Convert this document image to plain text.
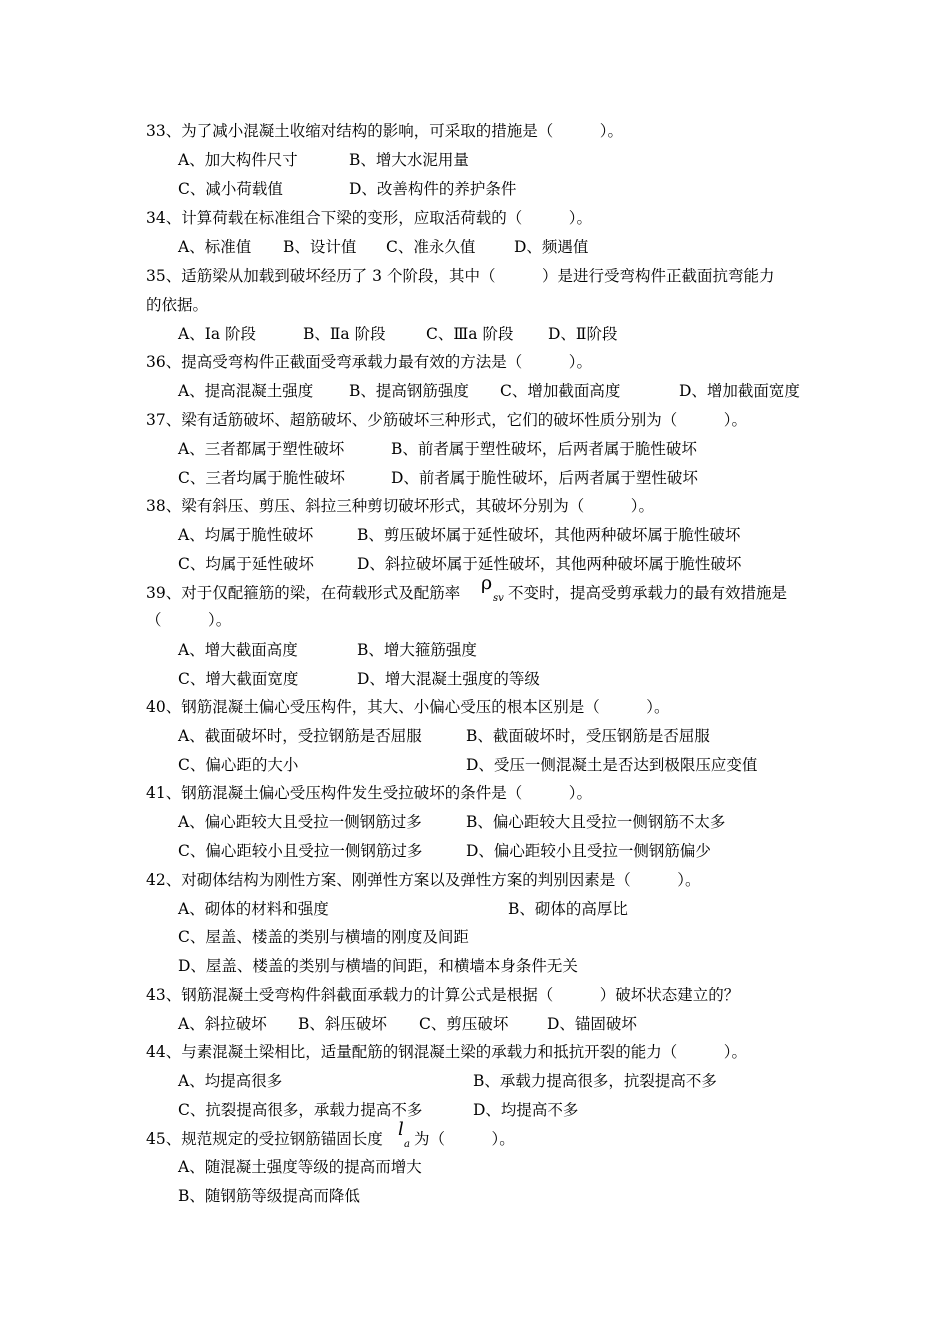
33、为了减小混凝土收缩对结构的影响，可采取的措施是（　　　）。

A、加大构件尺寸

	B、增大水泥用量

C、减小荷载值

	D、改善构件的养护条件

34、计算荷载在标准组合下梁的变形，应取活荷载的（　　　）。

A、标准值

B、设计值

C、准永久值

D、频遇值

35、适筋梁从加载到破坏经历了 3 个阶段，其中（　　　）是进行受弯构件正截面抗弯能力

的依据。

A、Ⅰa 阶段

	B、Ⅱa 阶段

	C、Ⅲa 阶段

D、Ⅱ阶段

36、提高受弯构件正截面受弯承载力最有效的方法是（　　　）。

A、提高混凝土强度

B、提高钢筋强度

C、增加截面高度

	D、增加截面宽度

37、梁有适筋破坏、超筋破坏、少筋破坏三种形式，它们的破坏性质分别为（　　　）。

A、三者都属于塑性破坏

	B、前者属于塑性破坏，后两者属于脆性破坏

C、三者均属于脆性破坏

	D、前者属于脆性破坏，后两者属于塑性破坏

38、梁有斜压、剪压、斜拉三种剪切破坏形式，其破坏分别为（　　　）。

A、均属于脆性破坏

	B、剪压破坏属于延性破坏，其他两种破坏属于脆性破坏

C、均属于延性破坏

	D、斜拉破坏属于延性破坏，其他两种破坏属于脆性破坏

39、对于仅配箍筋的梁，在荷载形式及配筋率

ρ

sv

不变时，提高受剪承载力的最有效措施是

（　　　）。

A、增大截面高度

	B、增大箍筋强度

C、增大截面宽度

	D、增大混凝土强度的等级

40、钢筋混凝土偏心受压构件，其大、小偏心受压的根本区别是（　　　）。

A、截面破坏时，受拉钢筋是否屈服

	B、截面破坏时，受压钢筋是否屈服

C、偏心距的大小

	D、受压一侧混凝土是否达到极限压应变值

41、钢筋混凝土偏心受压构件发生受拉破坏的条件是（　　　）。

A、偏心距较大且受拉一侧钢筋过多

	B、偏心距较大且受拉一侧钢筋不太多

C、偏心距较小且受拉一侧钢筋过多

	D、偏心距较小且受拉一侧钢筋偏少

42、对砌体结构为刚性方案、刚弹性方案以及弹性方案的判别因素是（　　　）。

A、砌体的材料和强度

	B、砌体的高厚比

C、屋盖、楼盖的类别与横墙的刚度及间距

D、屋盖、楼盖的类别与横墙的间距，和横墙本身条件无关

43、钢筋混凝土受弯构件斜截面承载力的计算公式是根据（　　　）破坏状态建立的？

A、斜拉破坏

B、斜压破坏

C、剪压破坏

D、锚固破坏

44、与素混凝土梁相比，适量配筋的钢混凝土梁的承载力和抵抗开裂的能力（　　　）。

A、均提高很多

	B、承载力提高很多，抗裂提高不多

C、抗裂提高很多，承载力提高不多

	D、均提高不多

45、规范规定的受拉钢筋锚固长度

l

a

为（　　　）。

A、随混凝土强度等级的提高而增大

B、随钢筋等级提高而降低
